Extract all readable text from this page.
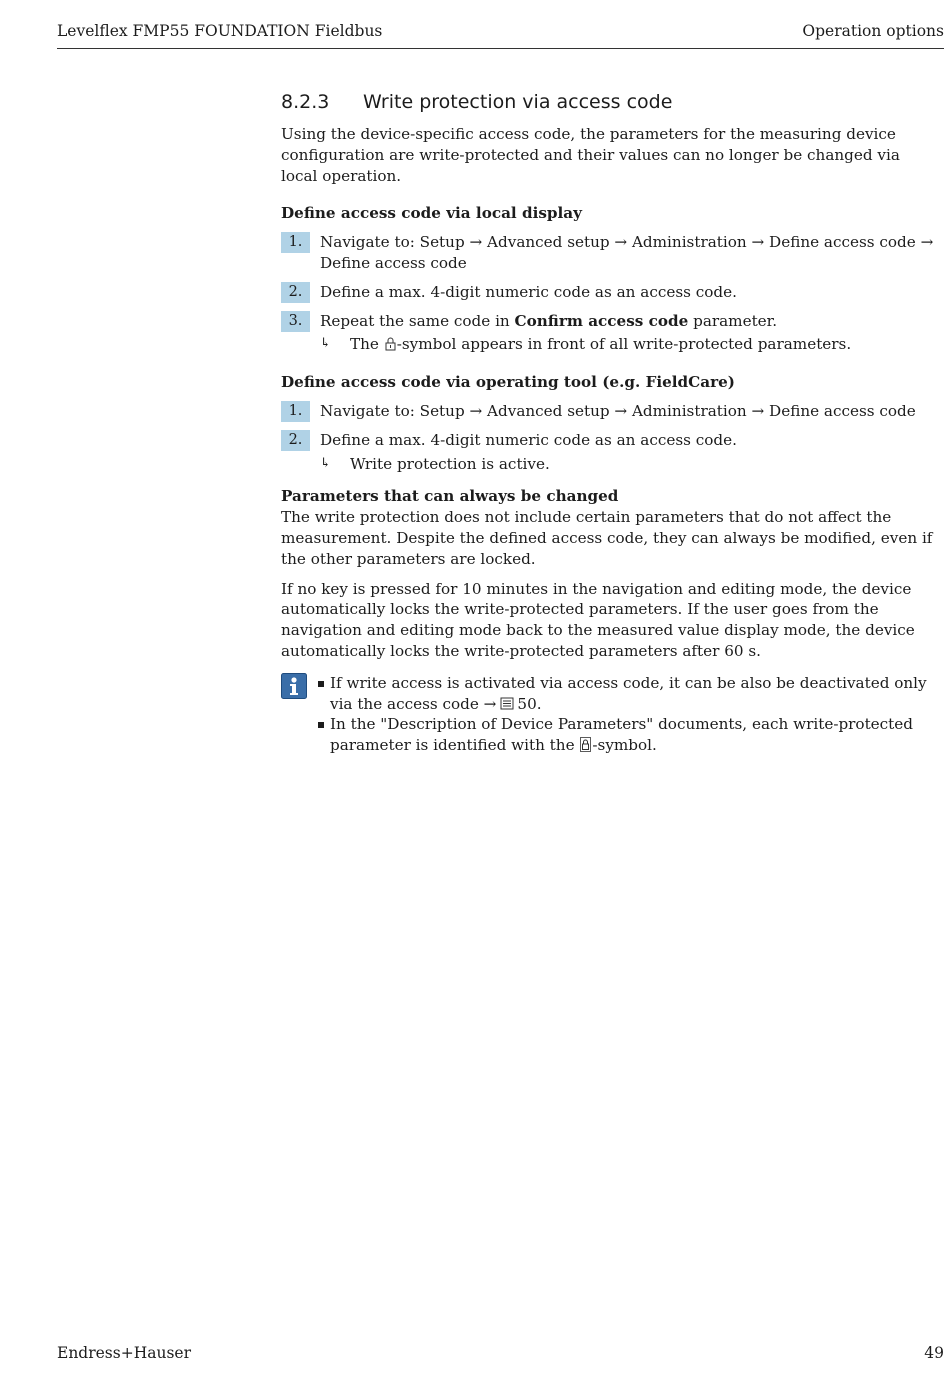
Levelflex FMP55 FOUNDATION Fieldbus	Operation options
8.2.3 Write protection via access code

Using the device-specific access code, the parameters for the measuring device configuration are write-protected and their values can no longer be changed via local operation.

Define access code via local display
1.	Navigate to: Setup → Advanced setup → Administration → Define access code → Define access code
2.	Define a max. 4-digit numeric code as an access code.
3.	Repeat the same code in Confirm access code parameter.
↳ The -symbol appears in front of all write-protected parameters.
Define access code via operating tool (e.g. FieldCare)
1.	Navigate to: Setup → Advanced setup → Administration → Define access code
2.	Define a max. 4-digit numeric code as an access code.
↳ Write protection is active.
Parameters that can always be changed

The write protection does not include certain parameters that do not affect the measurement. Despite the defined access code, they can always be modified, even if the other parameters are locked.

If no key is pressed for 10 minutes in the navigation and editing mode, the device automatically locks the write-protected parameters. If the user goes from the navigation and editing mode back to the measured value display mode, the device automatically locks the write-protected parameters after 60 s.

If write access is activated via access code, it can be also be deactivated only via the access code → 50.
In the "Description of Device Parameters" documents, each write-protected parameter is identified with the -symbol.
Endress+Hauser	49
